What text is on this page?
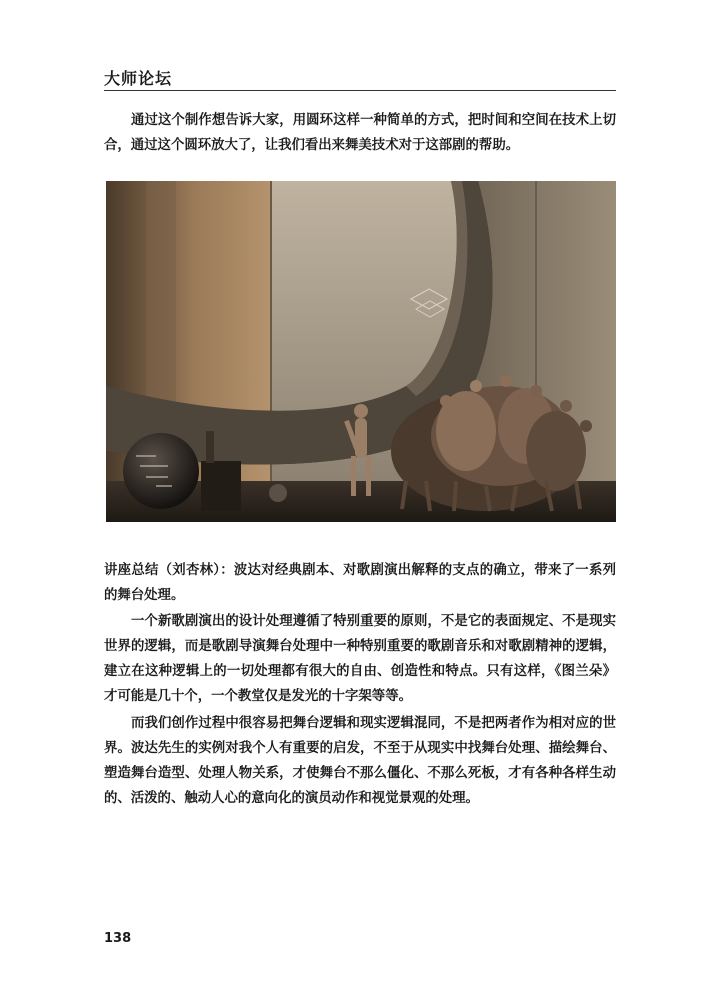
大师论坛

通过这个制作想告诉大家，用圆环这样一种简单的方式，把时间和空间在技术上切合，通过这个圆环放大了，让我们看出来舞美技术对于这部剧的帮助。

讲座总结（刘杏林）：波达对经典剧本、对歌剧演出解释的支点的确立，带来了一系列的舞台处理。

一个新歌剧演出的设计处理遵循了特别重要的原则，不是它的表面规定、不是现实世界的逻辑，而是歌剧导演舞台处理中一种特别重要的歌剧音乐和对歌剧精神的逻辑，建立在这种逻辑上的一切处理都有很大的自由、创造性和特点。只有这样，《图兰朵》才可能是几十个，一个教堂仅是发光的十字架等等。

而我们创作过程中很容易把舞台逻辑和现实逻辑混同，不是把两者作为相对应的世界。波达先生的实例对我个人有重要的启发，不至于从现实中找舞台处理、描绘舞台、塑造舞台造型、处理人物关系，才使舞台不那么僵化、不那么死板，才有各种各样生动的、活泼的、触动人心的意向化的演员动作和视觉景观的处理。

138
